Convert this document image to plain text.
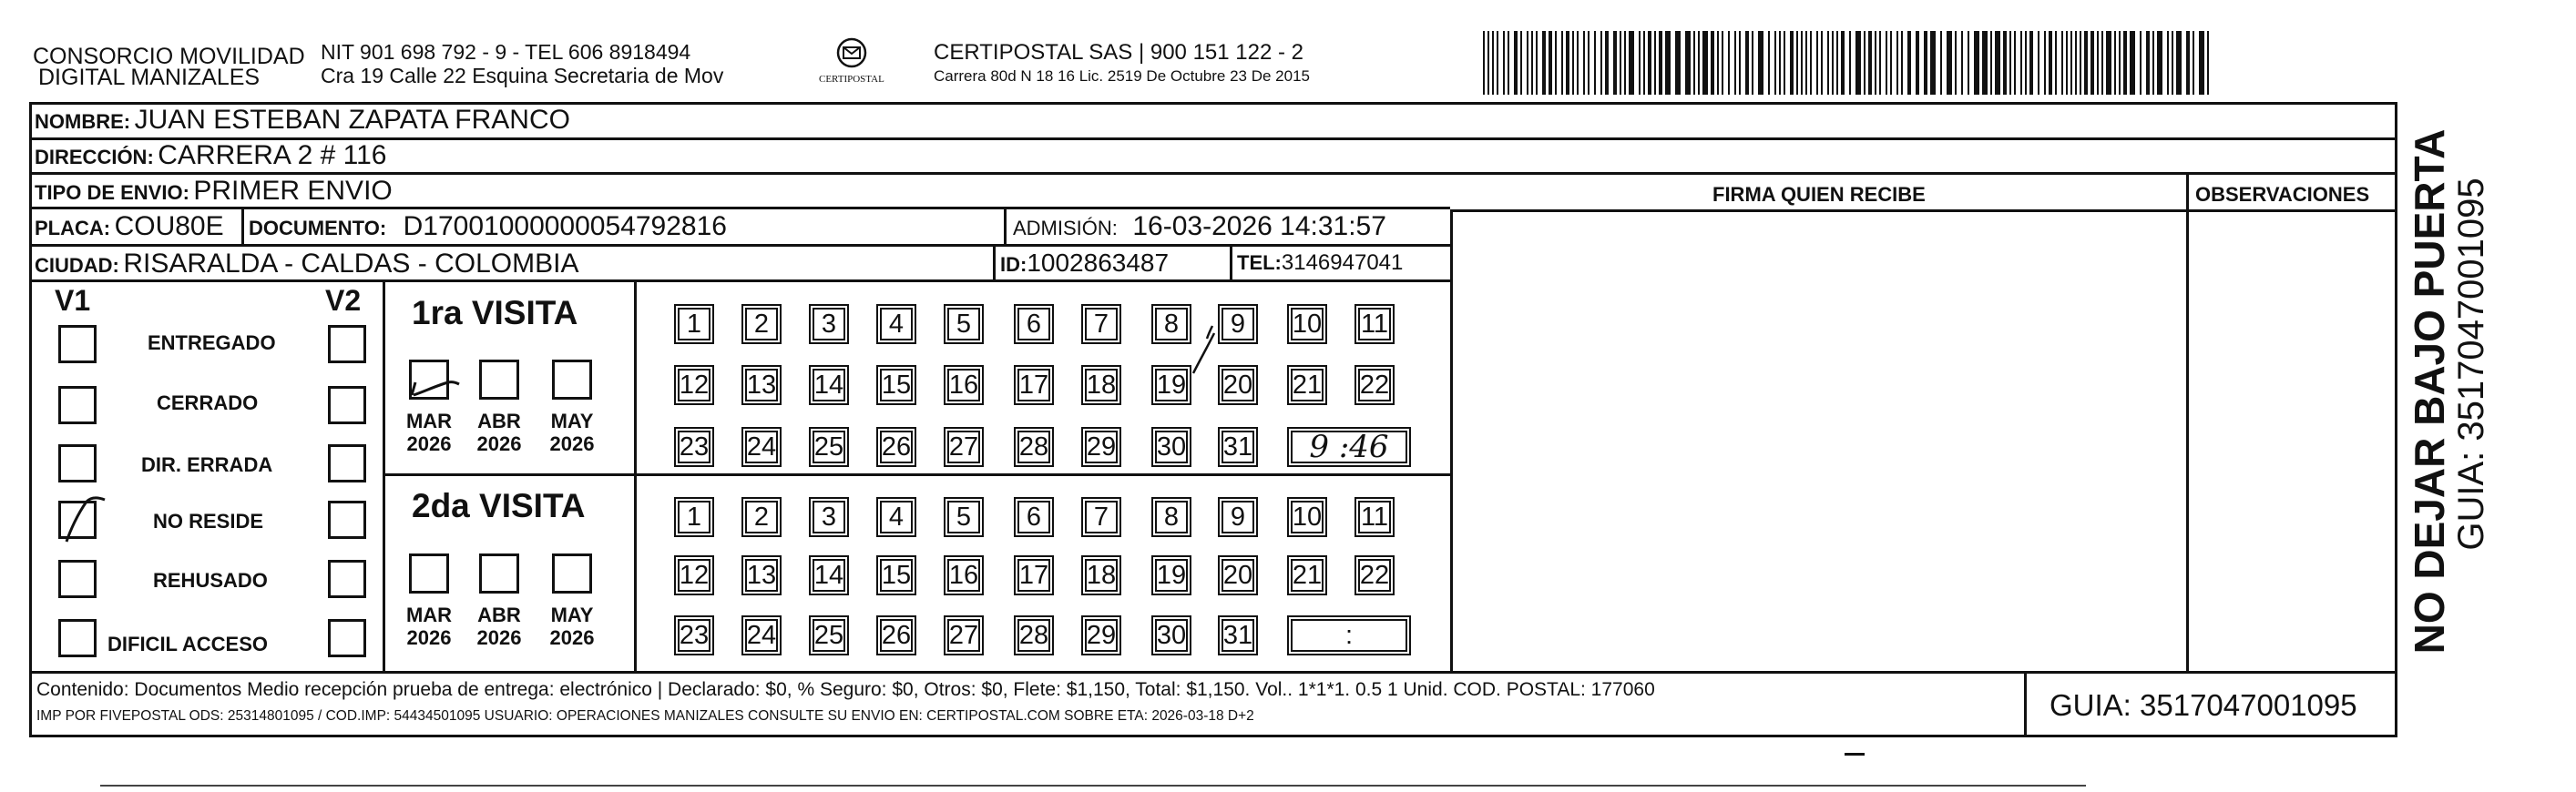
CONSORCIO MOVILIDAD
DIGITAL MANIZALES
NIT 901 698 792 - 9 - TEL 606 8918494
Cra 19 Calle 22 Esquina Secretaria de Mov	CERTIPOSTAL
CERTIPOSTAL SAS | 900 151 122 - 2
Carrera 80d N 18 16 Lic. 2519 De Octubre 23 De 2015
NOMBRE: JUAN ESTEBAN ZAPATA FRANCO
DIRECCIÓN: CARRERA 2 # 116
TIPO DE ENVIO: PRIMER ENVIO
PLACA: COU80E DOCUMENTO: D17001000000054792816	ADMISIÓN: 16-03-2026 14:31:57
CIUDAD: RISARALDA - CALDAS - COLOMBIA	ID:1002863487	TEL:3146947041
FIRMA QUIEN RECIBE	OBSERVACIONES
V1	V2
ENTREGADO
CERRADO
DIR. ERRADA
NO RESIDE
REHUSADO
DIFICIL ACCESO
1ra VISITA
2da VISITA
MAR
2026
ABR
2026
MAY
2026
MAR
2026
ABR
2026
MAY
2026
1	2	3	4	5	6	7	8	9	10 11
12 13 14 15 16 17 18 19 20 21 22
23 24 25 26 27 28 29 30 31	9 :46
1	2	3	4	5	6	7	8	9	10 11
12 13 14 15 16 17 18 19 20 21 22
23 24 25 26 27 28 29 30 31	:
Contenido: Documentos Medio recepción prueba de entrega: electrónico | Declarado: $0, % Seguro: $0, Otros: $0, Flete: $1,150, Total: $1,150. Vol.. 1*1*1. 0.5 1 Unid. COD. POSTAL: 177060
IMP POR FIVEPOSTAL ODS: 25314801095 / COD.IMP: 54434501095 USUARIO: OPERACIONES MANIZALES CONSULTE SU ENVIO EN: CERTIPOSTAL.COM SOBRE ETA: 2026-03-18 D+2	GUIA: 3517047001095
NO DEJAR BAJO PUERTA
GUIA: 3517047001095
